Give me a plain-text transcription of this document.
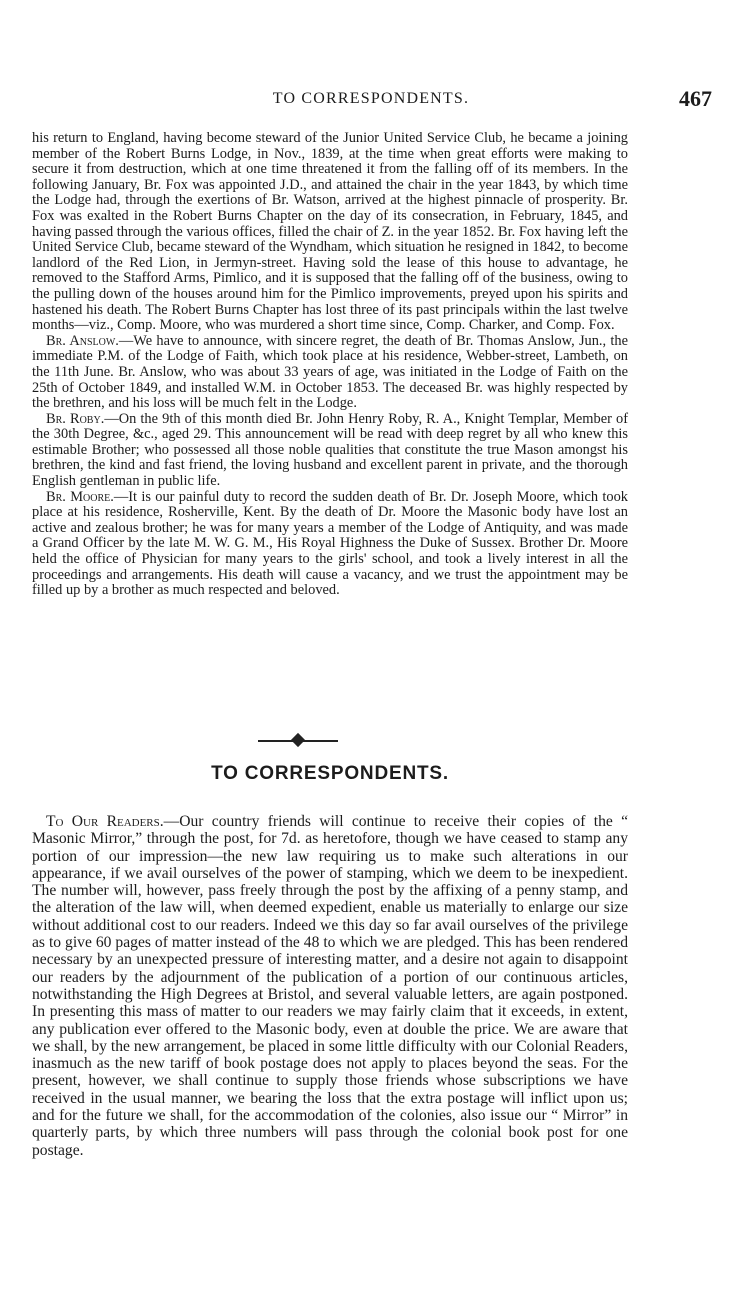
TO CORRESPONDENTS.	467

his return to England, having become steward of the Junior United Service Club, he became a joining member of the Robert Burns Lodge, in Nov., 1839, at the time when great efforts were making to secure it from destruction, which at one time threatened it from the falling off of its members. In the following January, Br. Fox was appointed J.D., and attained the chair in the year 1843, by which time the Lodge had, through the exertions of Br. Watson, arrived at the highest pinnacle of prosperity. Br. Fox was exalted in the Robert Burns Chapter on the day of its consecration, in February, 1845, and having passed through the various offices, filled the chair of Z. in the year 1852. Br. Fox having left the United Service Club, became steward of the Wyndham, which situation he resigned in 1842, to become landlord of the Red Lion, in Jermyn-street. Having sold the lease of this house to advantage, he removed to the Stafford Arms, Pimlico, and it is supposed that the falling off of the business, owing to the pulling down of the houses around him for the Pimlico improvements, preyed upon his spirits and hastened his death. The Robert Burns Chapter has lost three of its past principals within the last twelve months—viz., Comp. Moore, who was murdered a short time since, Comp. Charker, and Comp. Fox.

Br. Anslow.—We have to announce, with sincere regret, the death of Br. Thomas Anslow, Jun., the immediate P.M. of the Lodge of Faith, which took place at his residence, Webber-street, Lambeth, on the 11th June. Br. Anslow, who was about 33 years of age, was initiated in the Lodge of Faith on the 25th of October 1849, and installed W.M. in October 1853. The deceased Br. was highly respected by the brethren, and his loss will be much felt in the Lodge.

Br. Roby.—On the 9th of this month died Br. John Henry Roby, R. A., Knight Templar, Member of the 30th Degree, &c., aged 29. This announcement will be read with deep regret by all who knew this estimable Brother; who possessed all those noble qualities that constitute the true Mason amongst his brethren, the kind and fast friend, the loving husband and excellent parent in private, and the thorough English gentleman in public life.

Br. Moore.—It is our painful duty to record the sudden death of Br. Dr. Joseph Moore, which took place at his residence, Rosherville, Kent. By the death of Dr. Moore the Masonic body have lost an active and zealous brother; he was for many years a member of the Lodge of Antiquity, and was made a Grand Officer by the late M. W. G. M., His Royal Highness the Duke of Sussex. Brother Dr. Moore held the office of Physician for many years to the girls' school, and took a lively interest in all the proceedings and arrangements. His death will cause a vacancy, and we trust the appointment may be filled up by a brother as much respected and beloved.

TO CORRESPONDENTS.

To Our Readers.—Our country friends will continue to receive their copies of the “ Masonic Mirror,” through the post, for 7d. as heretofore, though we have ceased to stamp any portion of our impression—the new law requiring us to make such alterations in our appearance, if we avail ourselves of the power of stamping, which we deem to be inexpedient. The number will, however, pass freely through the post by the affixing of a penny stamp, and the alteration of the law will, when deemed expedient, enable us materially to enlarge our size without additional cost to our readers. Indeed we this day so far avail ourselves of the privilege as to give 60 pages of matter instead of the 48 to which we are pledged. This has been rendered necessary by an unexpected pressure of interesting matter, and a desire not again to disappoint our readers by the adjournment of the publication of a portion of our continuous articles, notwithstanding the High Degrees at Bristol, and several valuable letters, are again postponed. In presenting this mass of matter to our readers we may fairly claim that it exceeds, in extent, any publication ever offered to the Masonic body, even at double the price. We are aware that we shall, by the new arrangement, be placed in some little difficulty with our Colonial Readers, inasmuch as the new tariff of book postage does not apply to places beyond the seas. For the present, however, we shall continue to supply those friends whose subscriptions we have received in the usual manner, we bearing the loss that the extra postage will inflict upon us; and for the future we shall, for the accommodation of the colonies, also issue our “ Mirror” in quarterly parts, by which three numbers will pass through the colonial book post for one postage.
